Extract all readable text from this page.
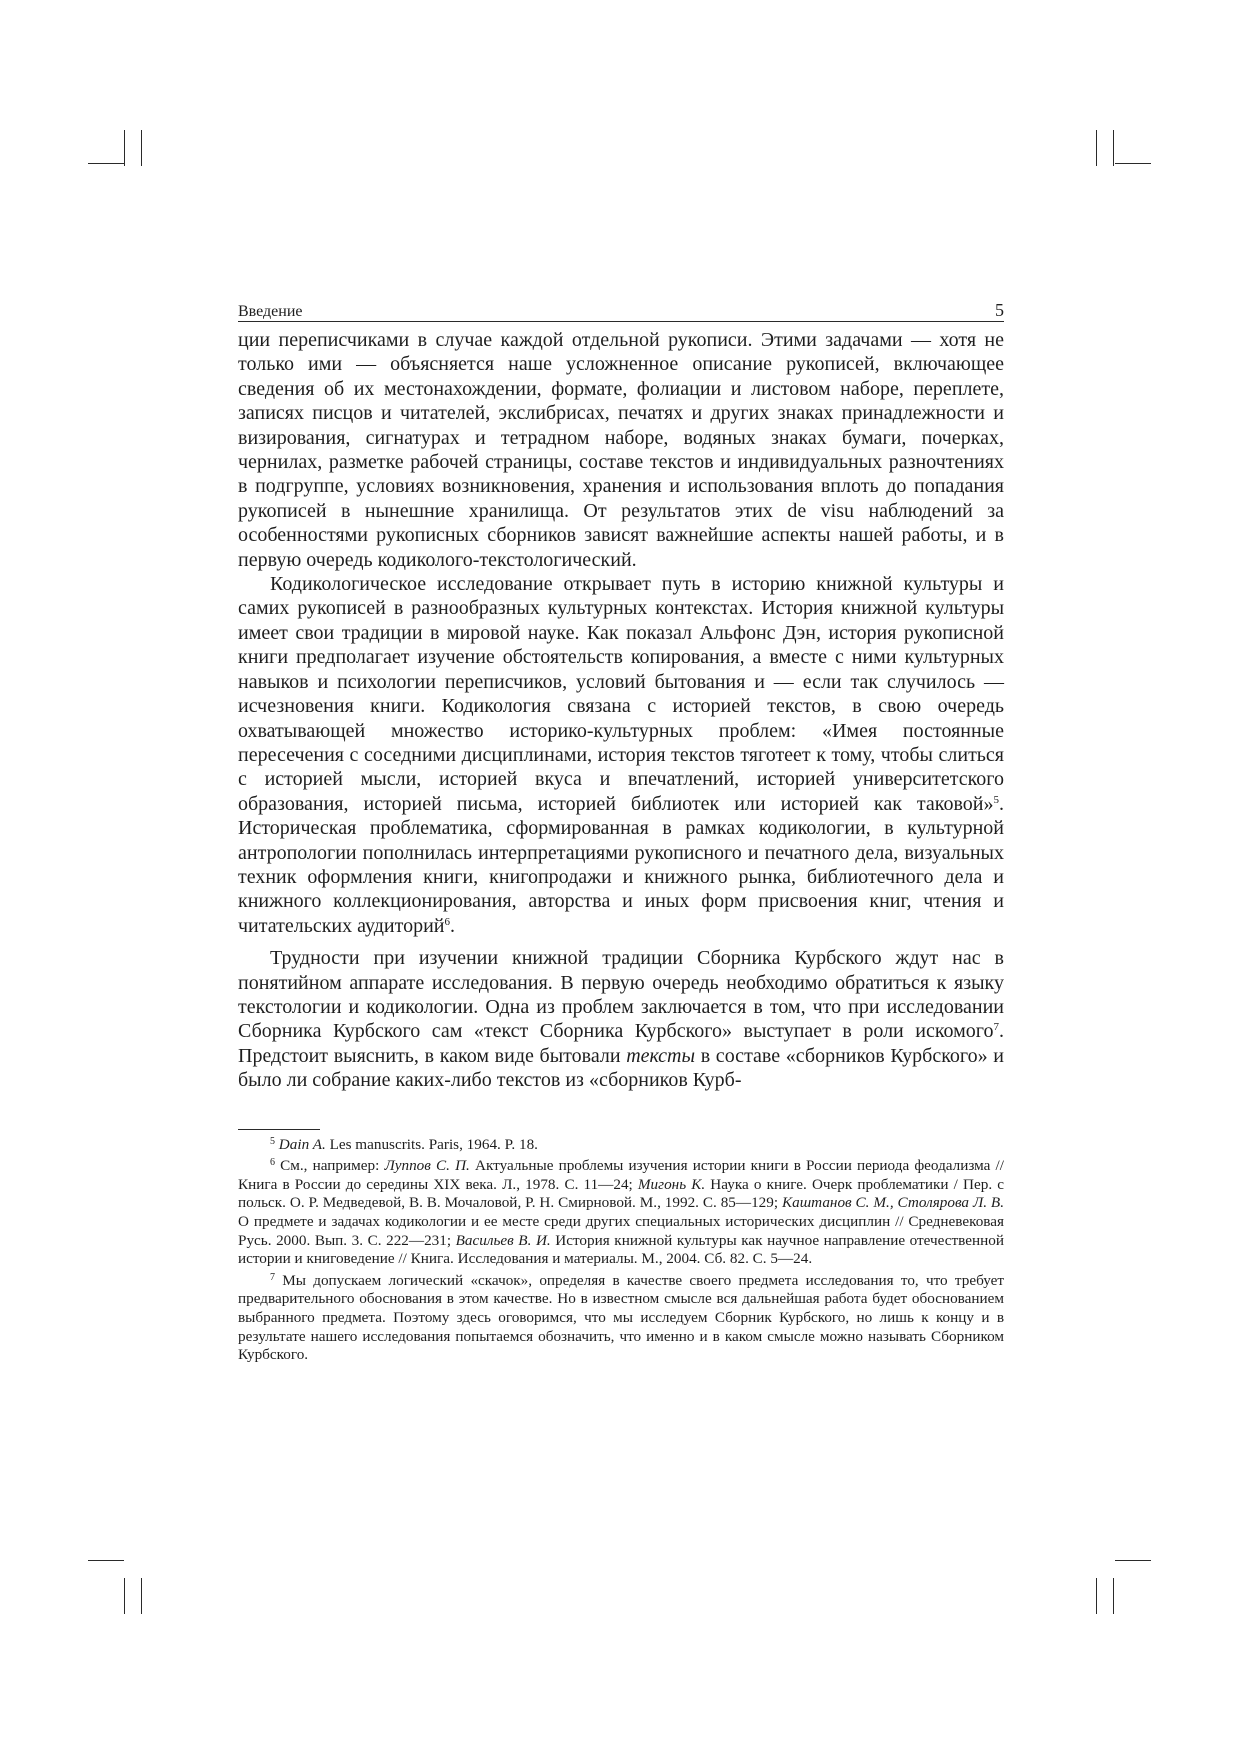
Введение	5

ции переписчиками в случае каждой отдельной рукописи. Этими задачами — хотя не только ими — объясняется наше усложненное описание рукописей, включающее сведения об их местонахождении, формате, фолиации и листовом наборе, переплете, записях писцов и читателей, экслибрисах, печатях и других знаках принадлежности и визирования, сигнатурах и тетрадном наборе, водяных знаках бумаги, почерках, чернилах, разметке рабочей страницы, составе текстов и индивидуальных разночтениях в подгруппе, условиях возникновения, хранения и использования вплоть до попадания рукописей в нынешние хранилища. От результатов этих de visu наблюдений за особенностями рукописных сборников зависят важнейшие аспекты нашей работы, и в первую очередь кодиколого-текстологический.

Кодикологическое исследование открывает путь в историю книжной культуры и самих рукописей в разнообразных культурных контекстах. История книжной культуры имеет свои традиции в мировой науке. Как показал Альфонс Дэн, история рукописной книги предполагает изучение обстоятельств копирования, а вместе с ними культурных навыков и психологии переписчиков, условий бытования и — если так случилось — исчезновения книги. Кодикология связана с историей текстов, в свою очередь охватывающей множество историко-культурных проблем: «Имея постоянные пересечения с соседними дисциплинами, история текстов тяготеет к тому, чтобы слиться с историей мысли, историей вкуса и впечатлений, историей университетского образования, историей письма, историей библиотек или историей как таковой»$^5$. Историческая проблематика, сформированная в рамках кодикологии, в культурной антропологии пополнилась интерпретациями рукописного и печатного дела, визуальных техник оформления книги, книгопродажи и книжного рынка, библиотечного дела и книжного коллекционирования, авторства и иных форм присвоения книг, чтения и читательских аудиторий$^6$.

Трудности при изучении книжной традиции Сборника Курбского ждут нас в понятийном аппарате исследования. В первую очередь необходимо обратиться к языку текстологии и кодикологии. Одна из проблем заключается в том, что при исследовании Сборника Курбского сам «текст Сборника Курбского» выступает в роли искомого$^7$. Предстоит выяснить, в каком виде бытовали тексты в составе «сборников Курбского» и было ли собрание каких-либо текстов из «сборников Курб-

$^5$ Dain A. Les manuscrits. Paris, 1964. P. 18.

$^6$ См., например: Луппов С. П. Актуальные проблемы изучения истории книги в России периода феодализма // Книга в России до середины XIX века. Л., 1978. С. 11—24; Мигонь К. Наука о книге. Очерк проблематики / Пер. с польск. О. Р. Медведевой, В. В. Мочаловой, Р. Н. Смирновой. М., 1992. С. 85—129; Каштанов С. М., Столярова Л. В. О предмете и задачах кодикологии и ее месте среди других специальных исторических дисциплин // Средневековая Русь. 2000. Вып. 3. С. 222—231; Васильев В. И. История книжной культуры как научное направление отечественной истории и книговедение // Книга. Исследования и материалы. М., 2004. Сб. 82. С. 5—24.

$^7$ Мы допускаем логический «скачок», определяя в качестве своего предмета исследования то, что требует предварительного обоснования в этом качестве. Но в известном смысле вся дальнейшая работа будет обоснованием выбранного предмета. Поэтому здесь оговоримся, что мы исследуем Сборник Курбского, но лишь к концу и в результате нашего исследования попытаемся обозначить, что именно и в каком смысле можно называть Сборником Курбского.
